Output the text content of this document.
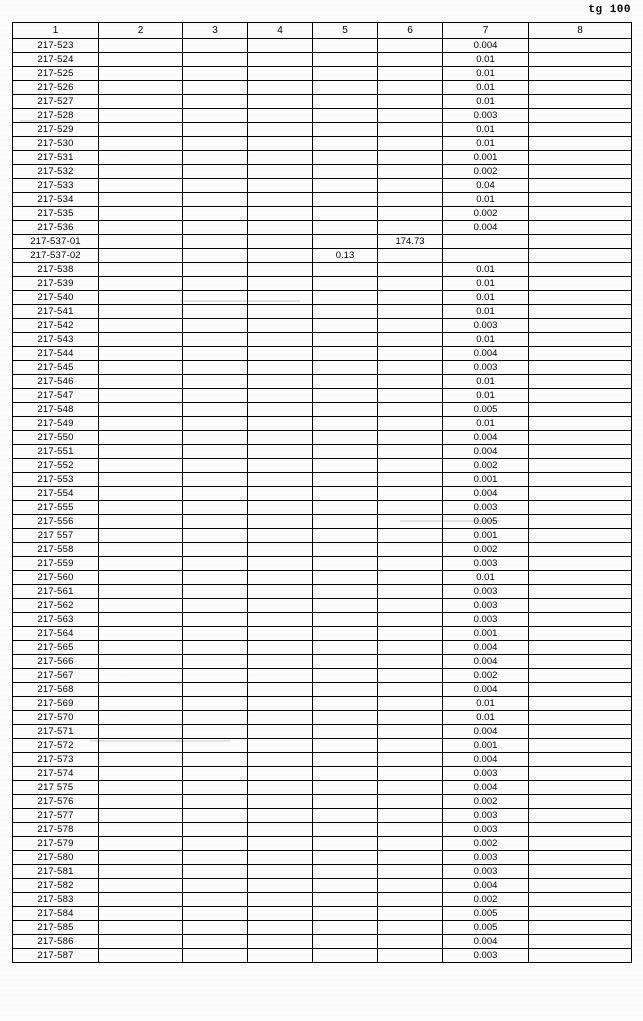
tg 100
1	2	3	4	5	6	7	8
217-523						0.004	
217-524						0.01	
217-525						0.01	
217-526						0.01	
217-527						0.01	
217-528						0.003	
217-529						0.01	
217-530						0.01	
217-531						0.001	
217-532						0.002	
217-533						0.04	
217-534						0.01	
217-535						0.002	
217-536						0.004	
217-537-01					174.73		
217-537-02				0.13			
217-538						0.01	
217-539						0.01	
217-540						0.01	
217-541						0.01	
217-542						0.003	
217-543						0.01	
217-544						0.004	
217-545						0.003	
217-546						0.01	
217-547						0.01	
217-548						0.005	
217-549						0.01	
217-550						0.004	
217-551						0.004	
217-552						0.002	
217-553						0.001	
217-554						0.004	
217-555						0.003	
217-556						0.005	
217 557						0.001	
217-558						0.002	
217-559						0.003	
217-560						0.01	
217-561						0.003	
217-562						0.003	
217-563						0.003	
217-564						0.001	
217-565						0.004	
217-566						0.004	
217-567						0.002	
217-568						0.004	
217-569						0.01	
217-570						0.01	
217-571						0.004	
217-572						0.001	
217-573						0.004	
217-574						0.003	
217 575						0.004	
217-576						0.002	
217-577						0.003	
217-578						0.003	
217-579						0.002	
217-580						0.003	
217-581						0.003	
217-582						0.004	
217-583						0.002	
217-584						0.005	
217-585						0.005	
217-586						0.004	
217-587						0.003	
